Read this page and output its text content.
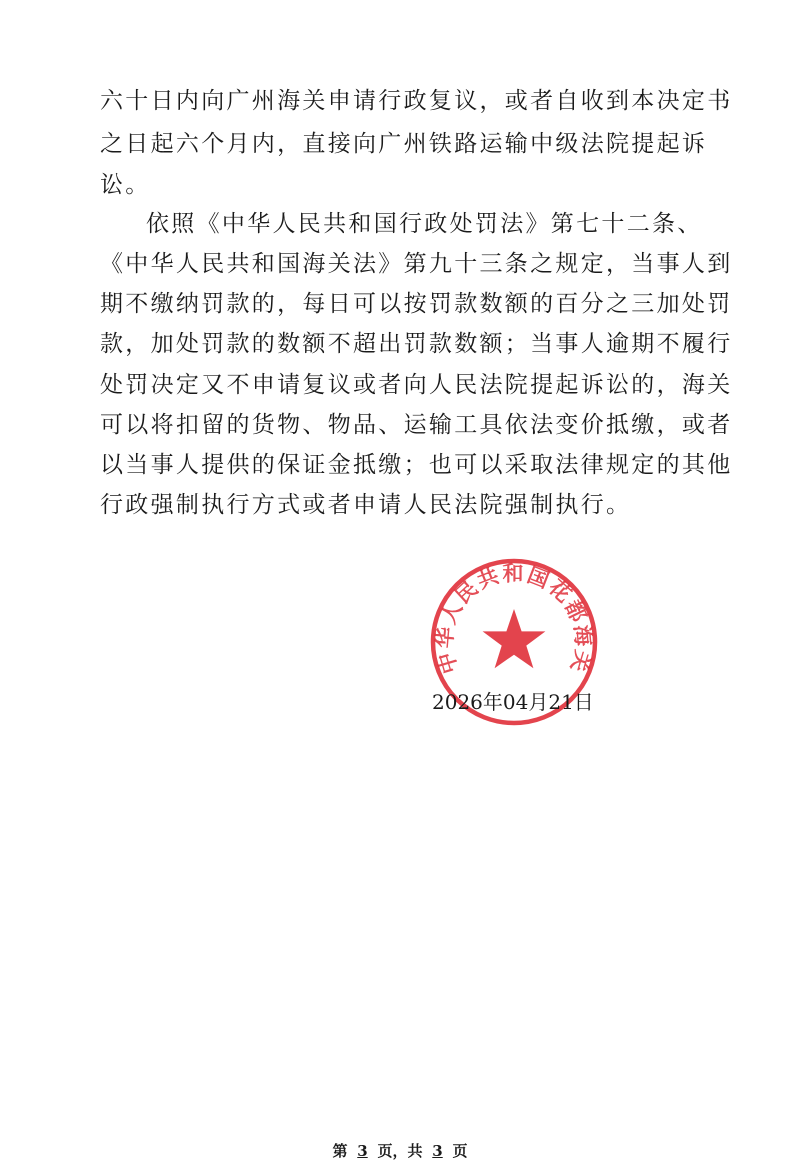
六十日内向广州海关申请行政复议，或者自收到本决定书
之日起六个月内，直接向广州铁路运输中级法院提起诉
讼。
依照《中华人民共和国行政处罚法》第七十二条、
《中华人民共和国海关法》第九十三条之规定，当事人到
期不缴纳罚款的，每日可以按罚款数额的百分之三加处罚
款，加处罚款的数额不超出罚款数额；当事人逾期不履行
处罚决定又不申请复议或者向人民法院提起诉讼的，海关
可以将扣留的货物、物品、运输工具依法变价抵缴，或者
以当事人提供的保证金抵缴；也可以采取法律规定的其他
行政强制执行方式或者申请人民法院强制执行。
中华人民共和国花都海关
2026年04月21日
第 3 页，共 3 页
